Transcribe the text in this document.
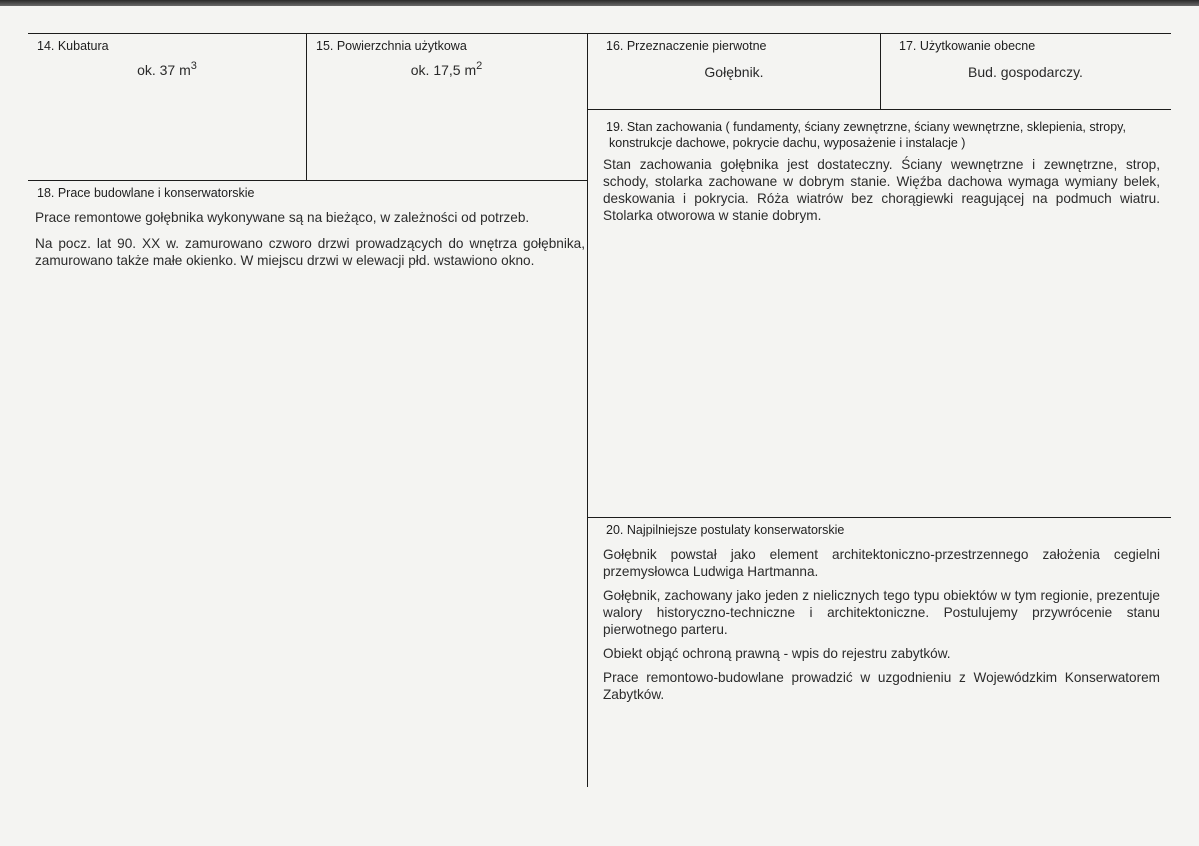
14. Kubatura
ok. 37 $m^3$
15. Powierzchnia użytkowa
ok. 17,5 $m^2$
16. Przeznaczenie pierwotne
Gołębnik.
17. Użytkowanie obecne
Bud. gospodarczy.
19. Stan zachowania ( fundamenty, ściany zewnętrzne, ściany wewnętrzne, sklepienia, stropy,
konstrukcje dachowe, pokrycie dachu, wyposażenie i instalacje )

Stan zachowania gołębnika jest dostateczny. Ściany wewnętrzne i zewnętrzne, strop, schody, stolarka zachowane w dobrym stanie. Więźba dachowa wymaga wymiany belek, deskowania i pokrycia. Róża wiatrów bez chorągiewki reagującej na podmuch wiatru. Stolarka otworowa w stanie dobrym.

18. Prace budowlane i konserwatorskie

Prace remontowe gołębnika wykonywane są na bieżąco, w zależności od potrzeb.

Na pocz. lat 90. XX w. zamurowano czworo drzwi prowadzących do wnętrza gołębnika, zamurowano także małe okienko. W miejscu drzwi w elewacji płd. wstawiono okno.

20. Najpilniejsze postulaty konserwatorskie

Gołębnik powstał jako element architektoniczno-przestrzennego założenia cegielni przemysłowca Ludwiga Hartmanna.

Gołębnik, zachowany jako jeden z nielicznych tego typu obiektów w tym regionie, prezentuje walory historyczno-techniczne i architektoniczne. Postulujemy przywrócenie stanu pierwotnego parteru.

Obiekt objąć ochroną prawną - wpis do rejestru zabytków.

Prace remontowo-budowlane prowadzić w uzgodnieniu z Wojewódzkim Konserwatorem Zabytków.
